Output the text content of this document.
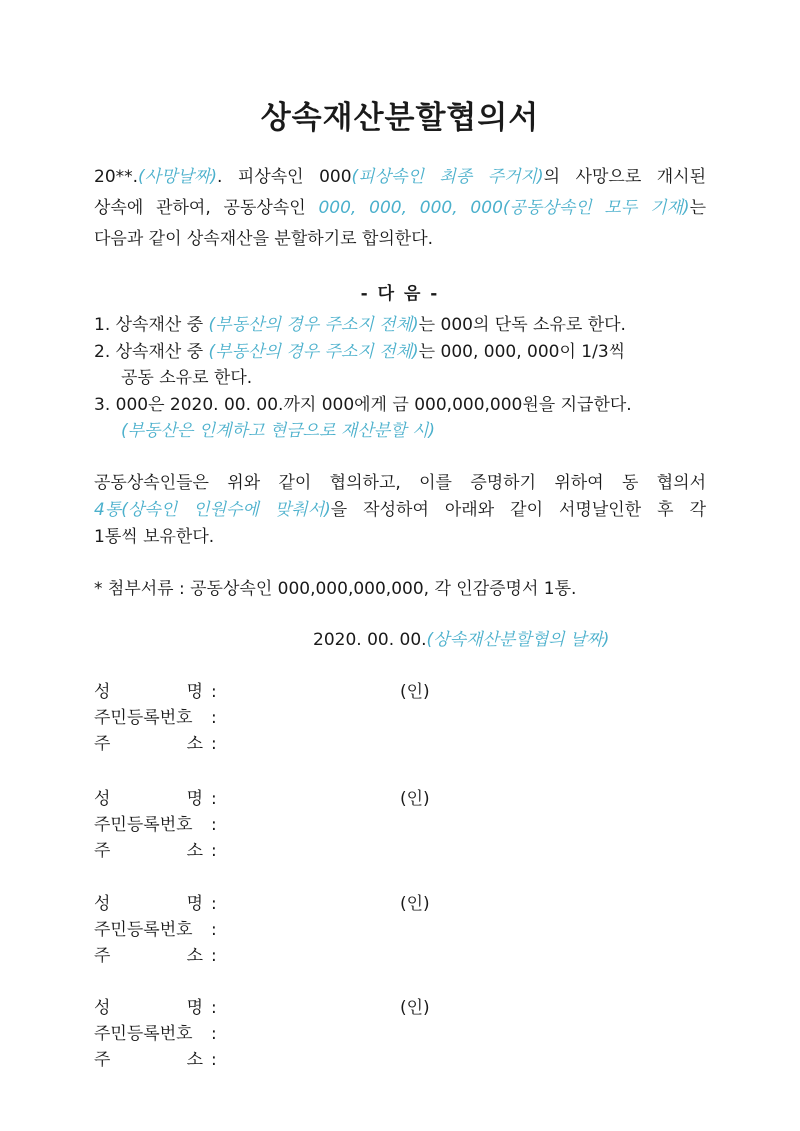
상속재산분할협의서
20**.(사망날짜). 피상속인 000(피상속인 최종 주거지)의 사망으로 개시된
상속에 관하여, 공동상속인 000, 000, 000, 000(공동상속인 모두 기재)는
다음과 같이 상속재산을 분할하기로 합의한다.
- 다 음 -
1. 상속재산 중 (부동산의 경우 주소지 전체)는 000의 단독 소유로 한다.
2. 상속재산 중 (부동산의 경우 주소지 전체)는 000, 000, 000이 1/3씩
공동 소유로 한다.
3. 000은 2020. 00. 00.까지 000에게 금 000,000,000원을 지급한다.
(부동산은 인계하고 현금으로 재산분할 시)
공동상속인들은 위와 같이 협의하고, 이를 증명하기 위하여 동 협의서
4통(상속인 인원수에 맞춰서)을 작성하여 아래와 같이 서명날인한 후 각
1통씩 보유한다.
* 첨부서류 : 공동상속인 000,000,000,000, 각 인감증명서 1통.
2020. 00. 00.(상속재산분할협의 날짜)
성	명 :	(인)
주민등록번호 :
주	소 :
성	명 :	(인)
주민등록번호 :
주	소 :
성	명 :	(인)
주민등록번호 :
주	소 :
성	명 :	(인)
주민등록번호 :
주	소 :
